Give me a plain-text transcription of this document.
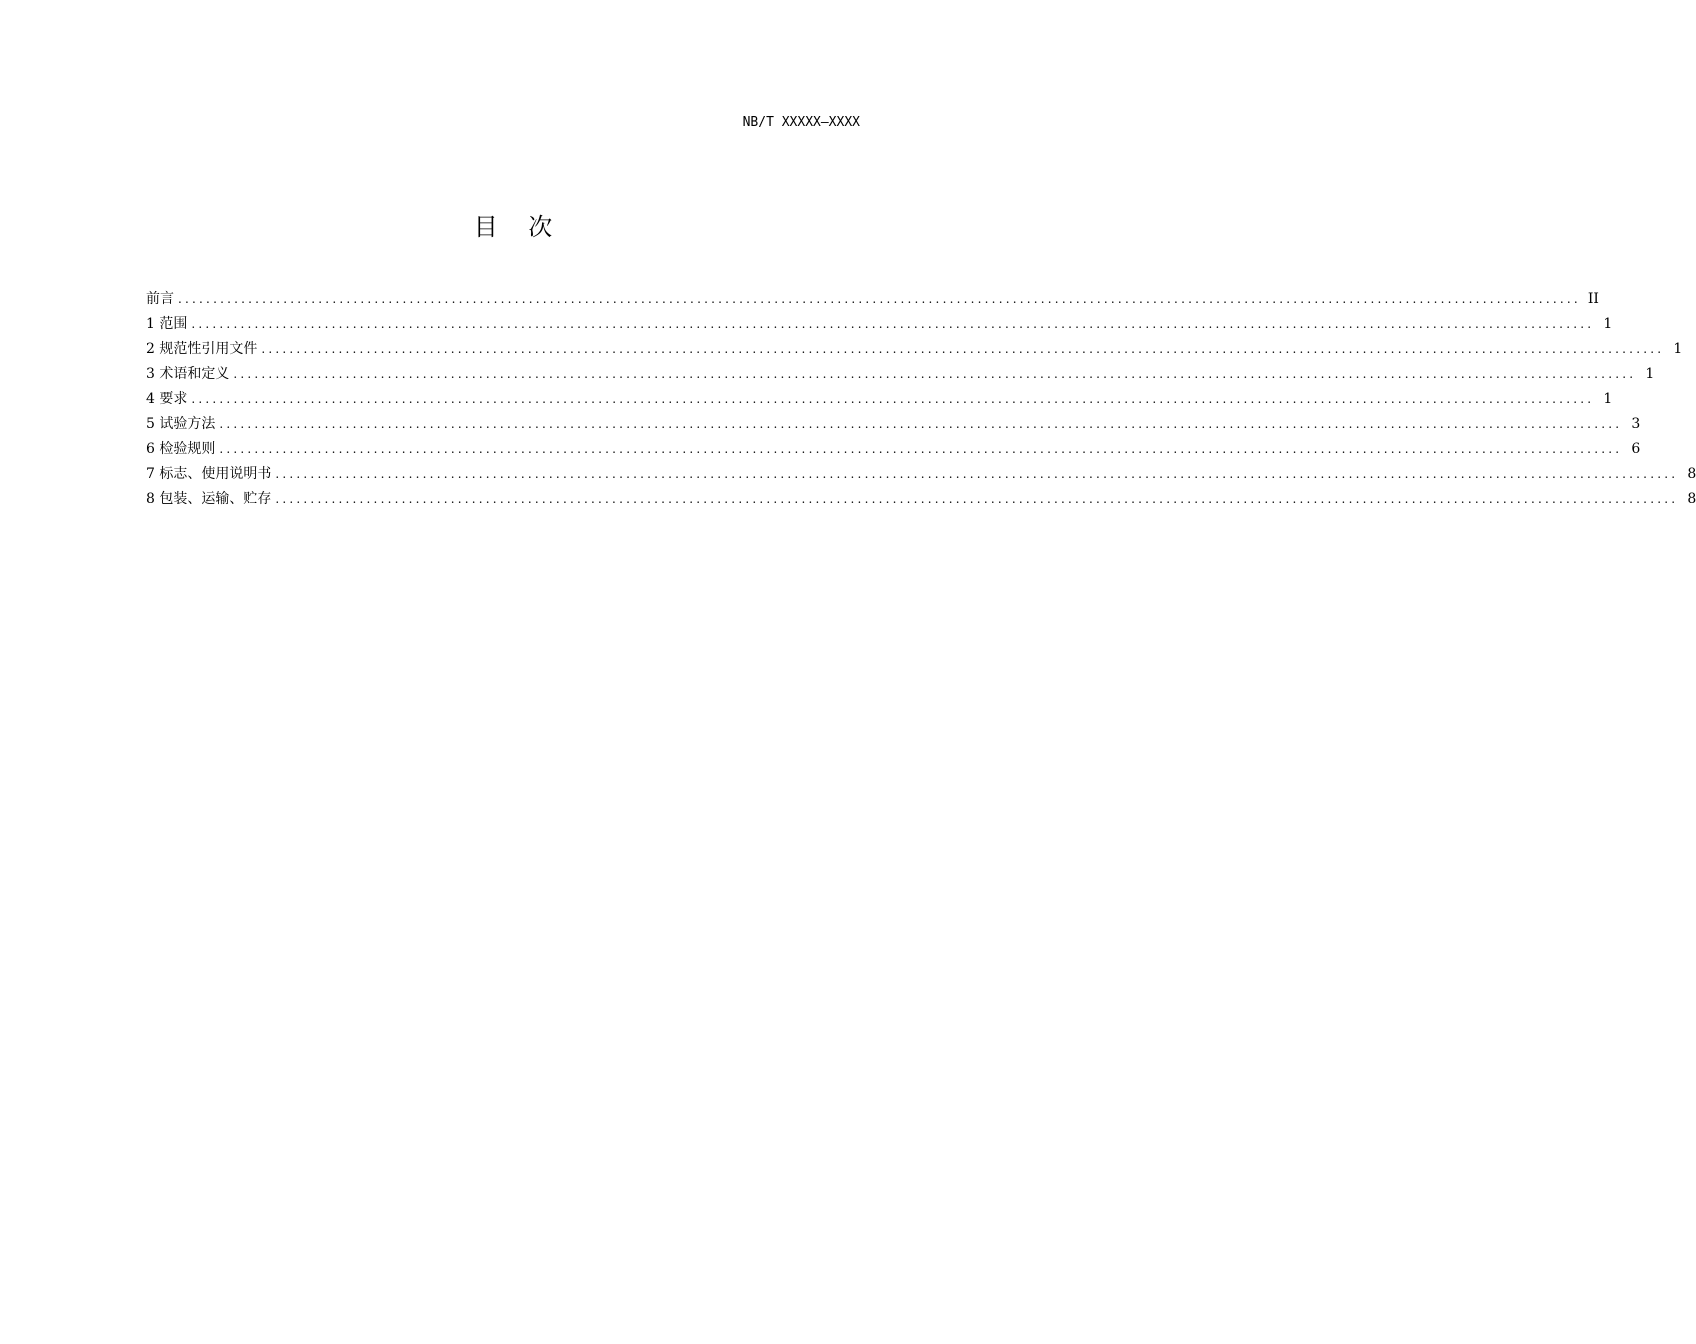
NB/T XXXXX—XXXX
目    次
前言 ........................................................................................................................................................................................................ II
1 范围 ........................................................................................................................................................................................................ 1
2 规范性引用文件 ........................................................................................................................................................................................................ 1
3 术语和定义 ........................................................................................................................................................................................................ 1
4 要求 ........................................................................................................................................................................................................ 1
5 试验方法 ........................................................................................................................................................................................................ 3
6 检验规则 ........................................................................................................................................................................................................ 6
7 标志、使用说明书 ........................................................................................................................................................................................................ 8
8 包装、运输、贮存 ........................................................................................................................................................................................................ 8
